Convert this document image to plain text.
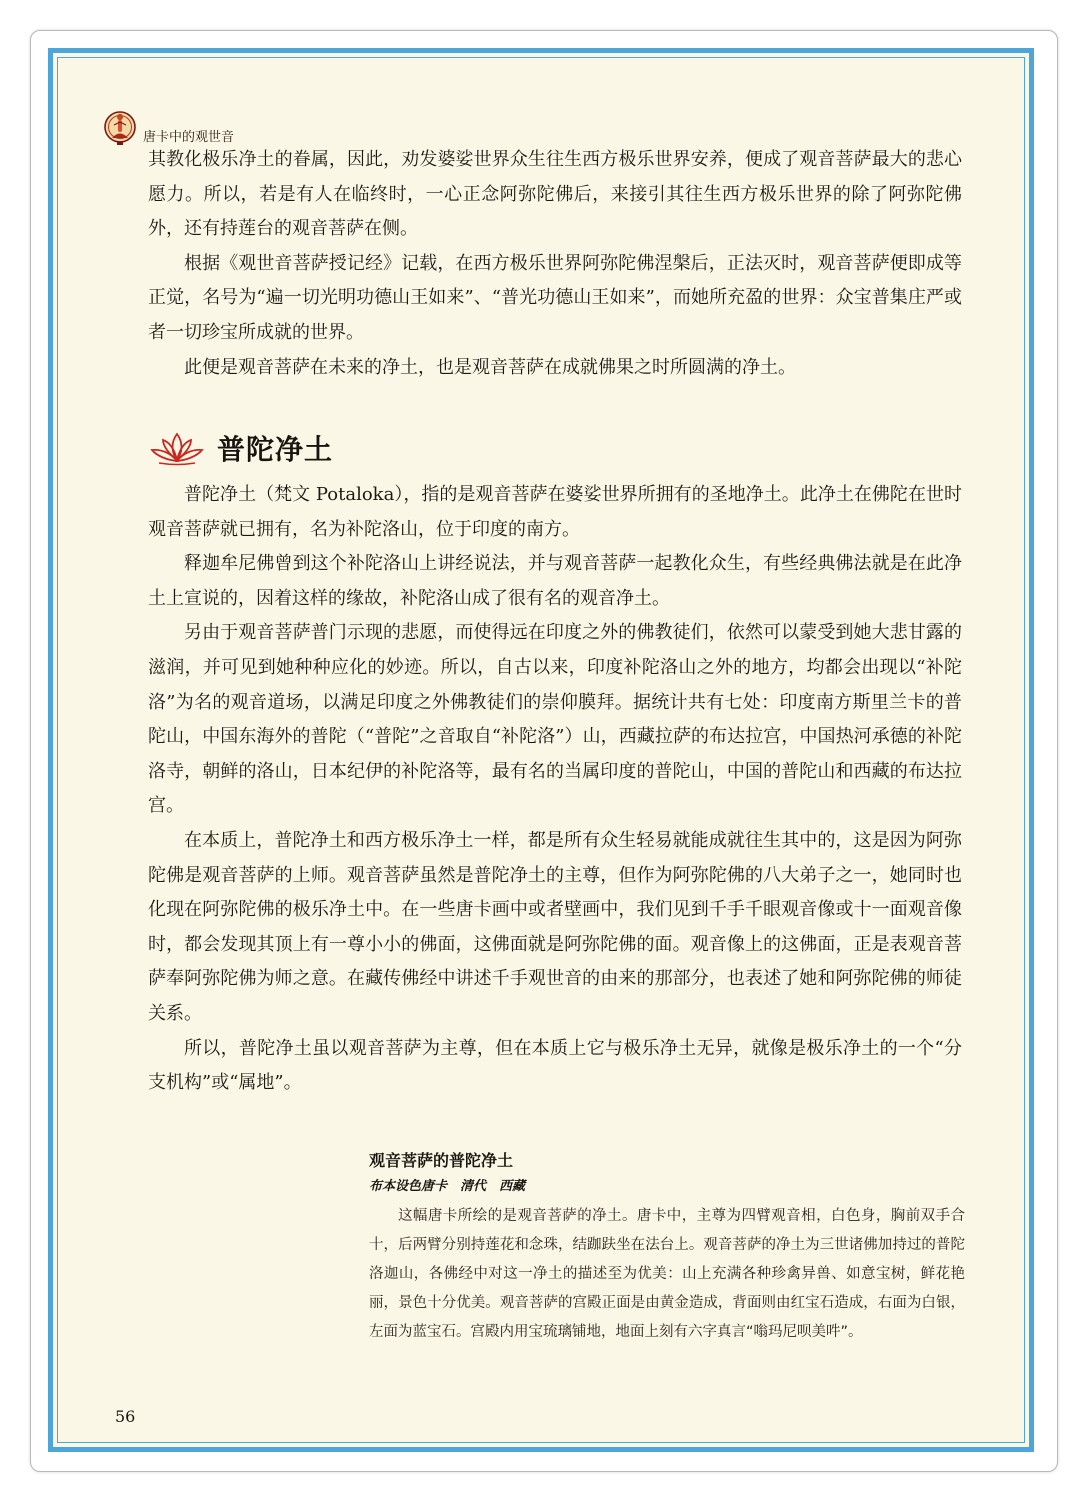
唐卡中的观世音

其教化极乐净土的眷属，因此，劝发婆娑世界众生往生西方极乐世界安养，便成了观音菩萨最大的悲心愿力。所以，若是有人在临终时，一心正念阿弥陀佛后，来接引其往生西方极乐世界的除了阿弥陀佛外，还有持莲台的观音菩萨在侧。

根据《观世音菩萨授记经》记载，在西方极乐世界阿弥陀佛涅槃后，正法灭时，观音菩萨便即成等正觉，名号为“遍一切光明功德山王如来”、“普光功德山王如来”，而她所充盈的世界：众宝普集庄严或者一切珍宝所成就的世界。

此便是观音菩萨在未来的净土，也是观音菩萨在成就佛果之时所圆满的净土。

普陀净土

普陀净土（梵文 Potaloka），指的是观音菩萨在婆娑世界所拥有的圣地净土。此净土在佛陀在世时观音菩萨就已拥有，名为补陀洛山，位于印度的南方。

释迦牟尼佛曾到这个补陀洛山上讲经说法，并与观音菩萨一起教化众生，有些经典佛法就是在此净土上宣说的，因着这样的缘故，补陀洛山成了很有名的观音净土。

另由于观音菩萨普门示现的悲愿，而使得远在印度之外的佛教徒们，依然可以蒙受到她大悲甘露的滋润，并可见到她种种应化的妙迹。所以，自古以来，印度补陀洛山之外的地方，均都会出现以“补陀洛”为名的观音道场，以满足印度之外佛教徒们的崇仰膜拜。据统计共有七处：印度南方斯里兰卡的普陀山，中国东海外的普陀（“普陀”之音取自“补陀洛”）山，西藏拉萨的布达拉宫，中国热河承德的补陀洛寺，朝鲜的洛山，日本纪伊的补陀洛等，最有名的当属印度的普陀山，中国的普陀山和西藏的布达拉宫。

在本质上，普陀净土和西方极乐净土一样，都是所有众生轻易就能成就往生其中的，这是因为阿弥陀佛是观音菩萨的上师。观音菩萨虽然是普陀净土的主尊，但作为阿弥陀佛的八大弟子之一，她同时也化现在阿弥陀佛的极乐净土中。在一些唐卡画中或者壁画中，我们见到千手千眼观音像或十一面观音像时，都会发现其顶上有一尊小小的佛面，这佛面就是阿弥陀佛的面。观音像上的这佛面，正是表观音菩萨奉阿弥陀佛为师之意。在藏传佛经中讲述千手观世音的由来的那部分，也表述了她和阿弥陀佛的师徒关系。

所以，普陀净土虽以观音菩萨为主尊，但在本质上它与极乐净土无异，就像是极乐净土的一个“分支机构”或“属地”。

观音菩萨的普陀净土

布本设色唐卡　清代　西藏

这幅唐卡所绘的是观音菩萨的净土。唐卡中，主尊为四臂观音相，白色身，胸前双手合十，后两臂分别持莲花和念珠，结跏趺坐在法台上。观音菩萨的净土为三世诸佛加持过的普陀洛迦山，各佛经中对这一净土的描述至为优美：山上充满各种珍禽异兽、如意宝树，鲜花艳丽，景色十分优美。观音菩萨的宫殿正面是由黄金造成，背面则由红宝石造成，右面为白银，左面为蓝宝石。宫殿内用宝琉璃铺地，地面上刻有六字真言“嗡玛尼呗美吽”。

56
